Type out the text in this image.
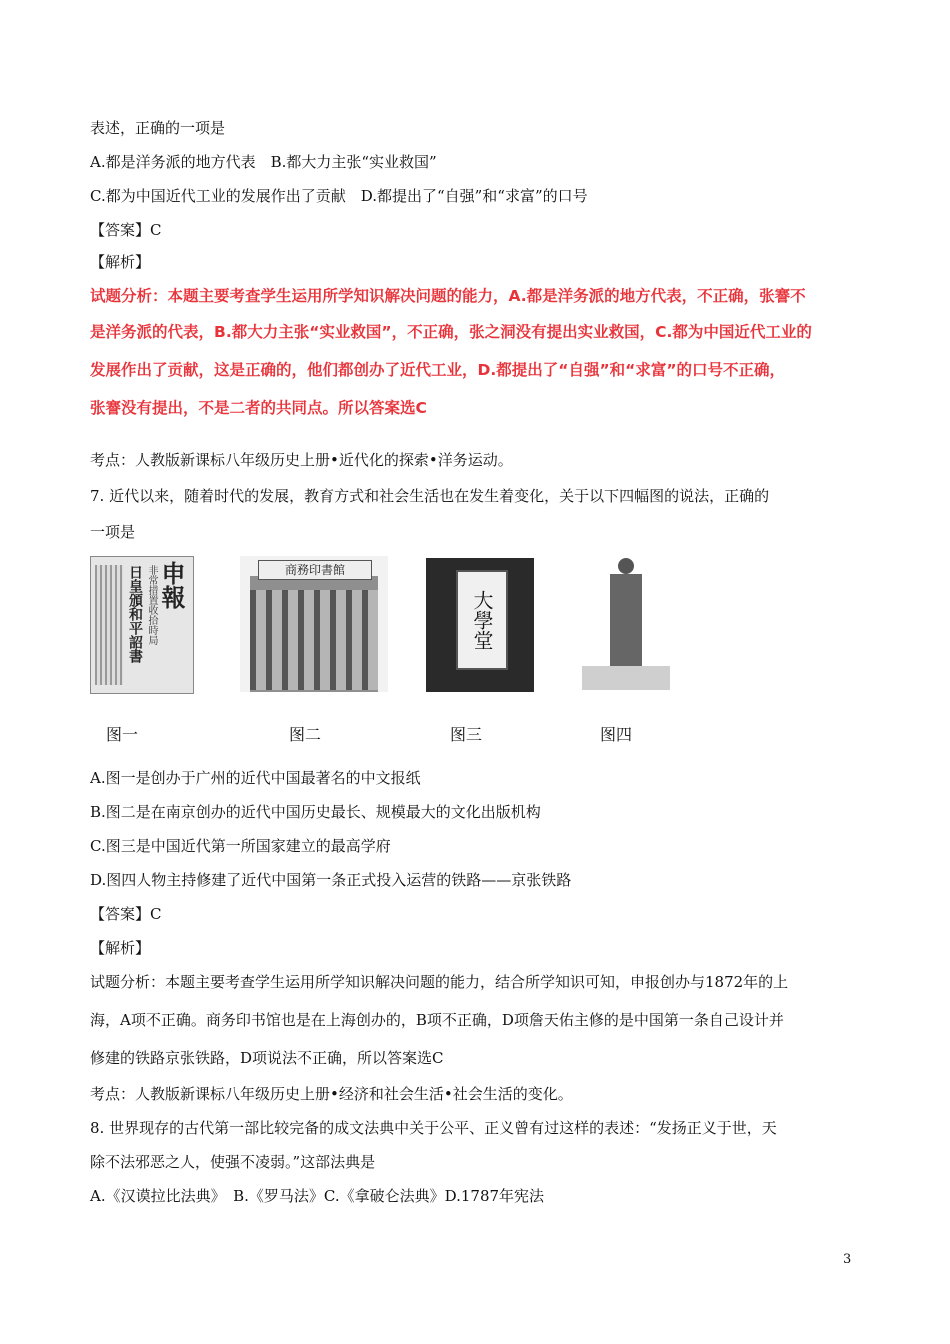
表述，正确的一项是
A.都是洋务派的地方代表　B.都大力主张“实业救国”
C.都为中国近代工业的发展作出了贡献　D.都提出了“自强”和“求富”的口号
【答案】C
【解析】
试题分析：本题主要考查学生运用所学知识解决问题的能力，A.都是洋务派的地方代表，不正确，张謇不
是洋务派的代表，B.都大力主张“实业救国”，不正确，张之洞没有提出实业救国，C.都为中国近代工业的
发展作出了贡献，这是正确的，他们都创办了近代工业，D.都提出了“自强”和“求富”的口号不正确，
张謇没有提出，不是二者的共同点。所以答案选C
考点：人教版新课标八年级历史上册•近代化的探索•洋务运动。
7. 近代以来，随着时代的发展，教育方式和社会生活也在发生着变化，关于以下四幅图的说法，正确的
一项是
申報
非常措置收拾時局
日皇頒和平詔書	商務印書館
大學堂
图一	图二	图三	图四
A.图一是创办于广州的近代中国最著名的中文报纸
B.图二是在南京创办的近代中国历史最长、规模最大的文化出版机构
C.图三是中国近代第一所国家建立的最高学府
D.图四人物主持修建了近代中国第一条正式投入运营的铁路——京张铁路
【答案】C
【解析】
试题分析：本题主要考查学生运用所学知识解决问题的能力，结合所学知识可知，申报创办与1872年的上
海，A项不正确。商务印书馆也是在上海创办的，B项不正确，D项詹天佑主修的是中国第一条自己设计并
修建的铁路京张铁路，D项说法不正确，所以答案选C
考点：人教版新课标八年级历史上册•经济和社会生活•社会生活的变化。
8. 世界现存的古代第一部比较完备的成文法典中关于公平、正义曾有过这样的表述：“发扬正义于世，天
除不法邪恶之人，使强不凌弱。”这部法典是
A.《汉谟拉比法典》　B.《罗马法》C.《拿破仑法典》D.1787年宪法
3
